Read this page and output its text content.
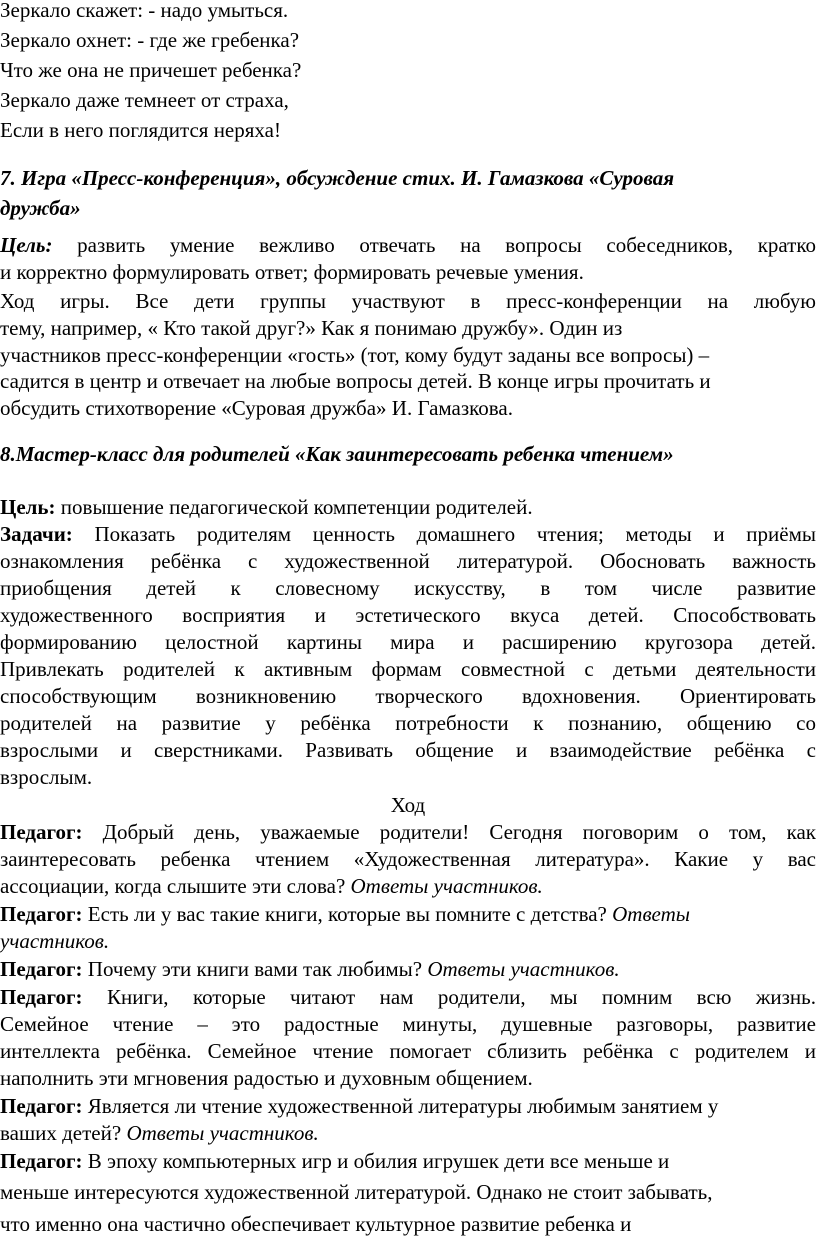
Зеркало скажет: - надо умыться.
Зеркало охнет: - где же гребенка?
Что же она не причешет ребенка?
Зеркало даже темнеет от страха,
Если в него поглядится неряха!
7. Игра «Пресс-конференция», обсуждение стих. И. Гамазкова «Суровая
дружба»
Цель: развить умение вежливо отвечать на вопросы собеседников, кратко
и корректно формулировать ответ; формировать речевые умения.
Ход игры. Все дети группы участвуют в пресс-конференции на любую
тему, например, « Кто такой друг?» Как я понимаю дружбу». Один из
участников пресс-конференции «гость» (тот, кому будут заданы все вопросы) –
садится в центр и отвечает на любые вопросы детей. В конце игры прочитать и
обсудить стихотворение «Суровая дружба» И. Гамазкова.
8.Мастер-класс для родителей «Как заинтересовать ребенка чтением»
Цель: повышение педагогической компетенции родителей.
Задачи: Показать родителям ценность домашнего чтения; методы и приёмы
ознакомления ребёнка с художественной литературой. Обосновать важность
приобщения детей к словесному искусству, в том числе развитие
художественного восприятия и эстетического вкуса детей. Способствовать
формированию целостной картины мира и расширению кругозора детей.
Привлекать родителей к активным формам совместной с детьми деятельности
способствующим возникновению творческого вдохновения. Ориентировать
родителей на развитие у ребёнка потребности к познанию, общению со
взрослыми и сверстниками. Развивать общение и взаимодействие ребёнка с
взрослым.
Ход
Педагог: Добрый день, уважаемые родители! Сегодня поговорим о том, как
заинтересовать ребенка чтением «Художественная литература». Какие у вас
ассоциации, когда слышите эти слова? Ответы участников.
Педагог: Есть ли у вас такие книги, которые вы помните с детства? Ответы
участников.
Педагог: Почему эти книги вами так любимы? Ответы участников.
Педагог: Книги, которые читают нам родители, мы помним всю жизнь.
Семейное чтение – это радостные минуты, душевные разговоры, развитие
интеллекта ребёнка. Семейное чтение помогает сблизить ребёнка с родителем и
наполнить эти мгновения радостью и духовным общением.
Педагог: Является ли чтение художественной литературы любимым занятием у
ваших детей? Ответы участников.
Педагог: В эпоху компьютерных игр и обилия игрушек дети все меньше и
меньше интересуются художественной литературой. Однако не стоит забывать,
что именно она частично обеспечивает культурное развитие ребенка и
